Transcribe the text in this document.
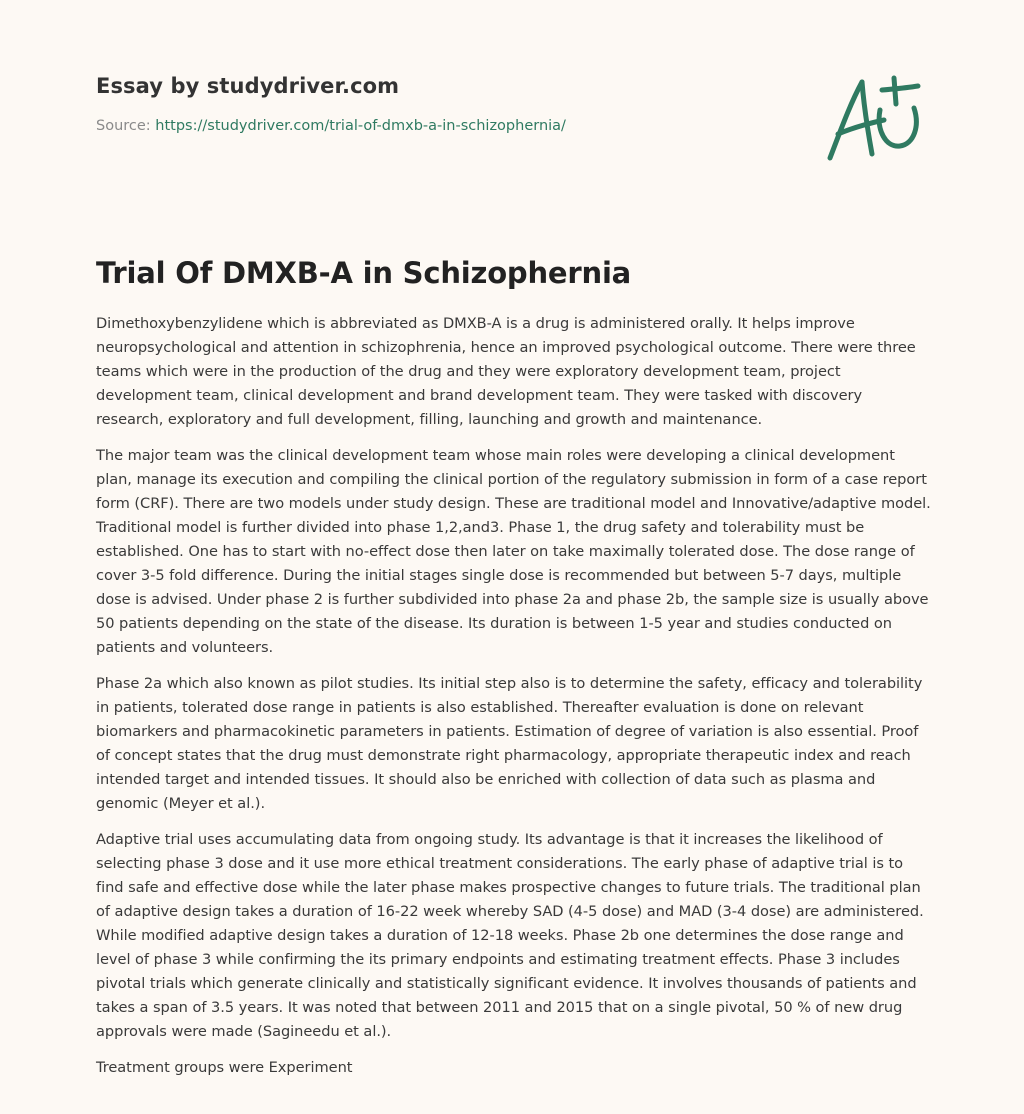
Essay by studydriver.com

Source: https://studydriver.com/trial-of-dmxb-a-in-schizophernia/
Trial Of DMXB-A in Schizophernia

Dimethoxybenzylidene which is abbreviated as DMXB-A is a drug is administered orally. It helps improve neuropsychological and attention in schizophrenia, hence an improved psychological outcome. There were three teams which were in the production of the drug and they were exploratory development team, project development team, clinical development and brand development team. They were tasked with discovery research, exploratory and full development, filling, launching and growth and maintenance.

The major team was the clinical development team whose main roles were developing a clinical development plan, manage its execution and compiling the clinical portion of the regulatory submission in form of a case report form (CRF). There are two models under study design. These are traditional model and Innovative/adaptive model. Traditional model is further divided into phase 1,2,and3. Phase 1, the drug safety and tolerability must be established. One has to start with no-effect dose then later on take maximally tolerated dose. The dose range of cover 3-5 fold difference. During the initial stages single dose is recommended but between 5-7 days, multiple dose is advised. Under phase 2 is further subdivided into phase 2a and phase 2b, the sample size is usually above 50 patients depending on the state of the disease. Its duration is between 1-5 year and studies conducted on patients and volunteers.

Phase 2a which also known as pilot studies. Its initial step also is to determine the safety, efficacy and tolerability in patients, tolerated dose range in patients is also established. Thereafter evaluation is done on relevant biomarkers and pharmacokinetic parameters in patients. Estimation of degree of variation is also essential. Proof of concept states that the drug must demonstrate right pharmacology, appropriate therapeutic index and reach intended target and intended tissues. It should also be enriched with collection of data such as plasma and genomic (Meyer et al.).

Adaptive trial uses accumulating data from ongoing study. Its advantage is that it increases the likelihood of selecting phase 3 dose and it use more ethical treatment considerations. The early phase of adaptive trial is to find safe and effective dose while the later phase makes prospective changes to future trials. The traditional plan of adaptive design takes a duration of 16-22 week whereby SAD (4-5 dose) and MAD (3-4 dose) are administered. While modified adaptive design takes a duration of 12-18 weeks. Phase 2b one determines the dose range and level of phase 3 while confirming the its primary endpoints and estimating treatment effects. Phase 3 includes pivotal trials which generate clinically and statistically significant evidence. It involves thousands of patients and takes a span of 3.5 years. It was noted that between 2011 and 2015 that on a single pivotal, 50 % of new drug approvals were made (Sagineedu et al.).

Treatment groups were Experiment
